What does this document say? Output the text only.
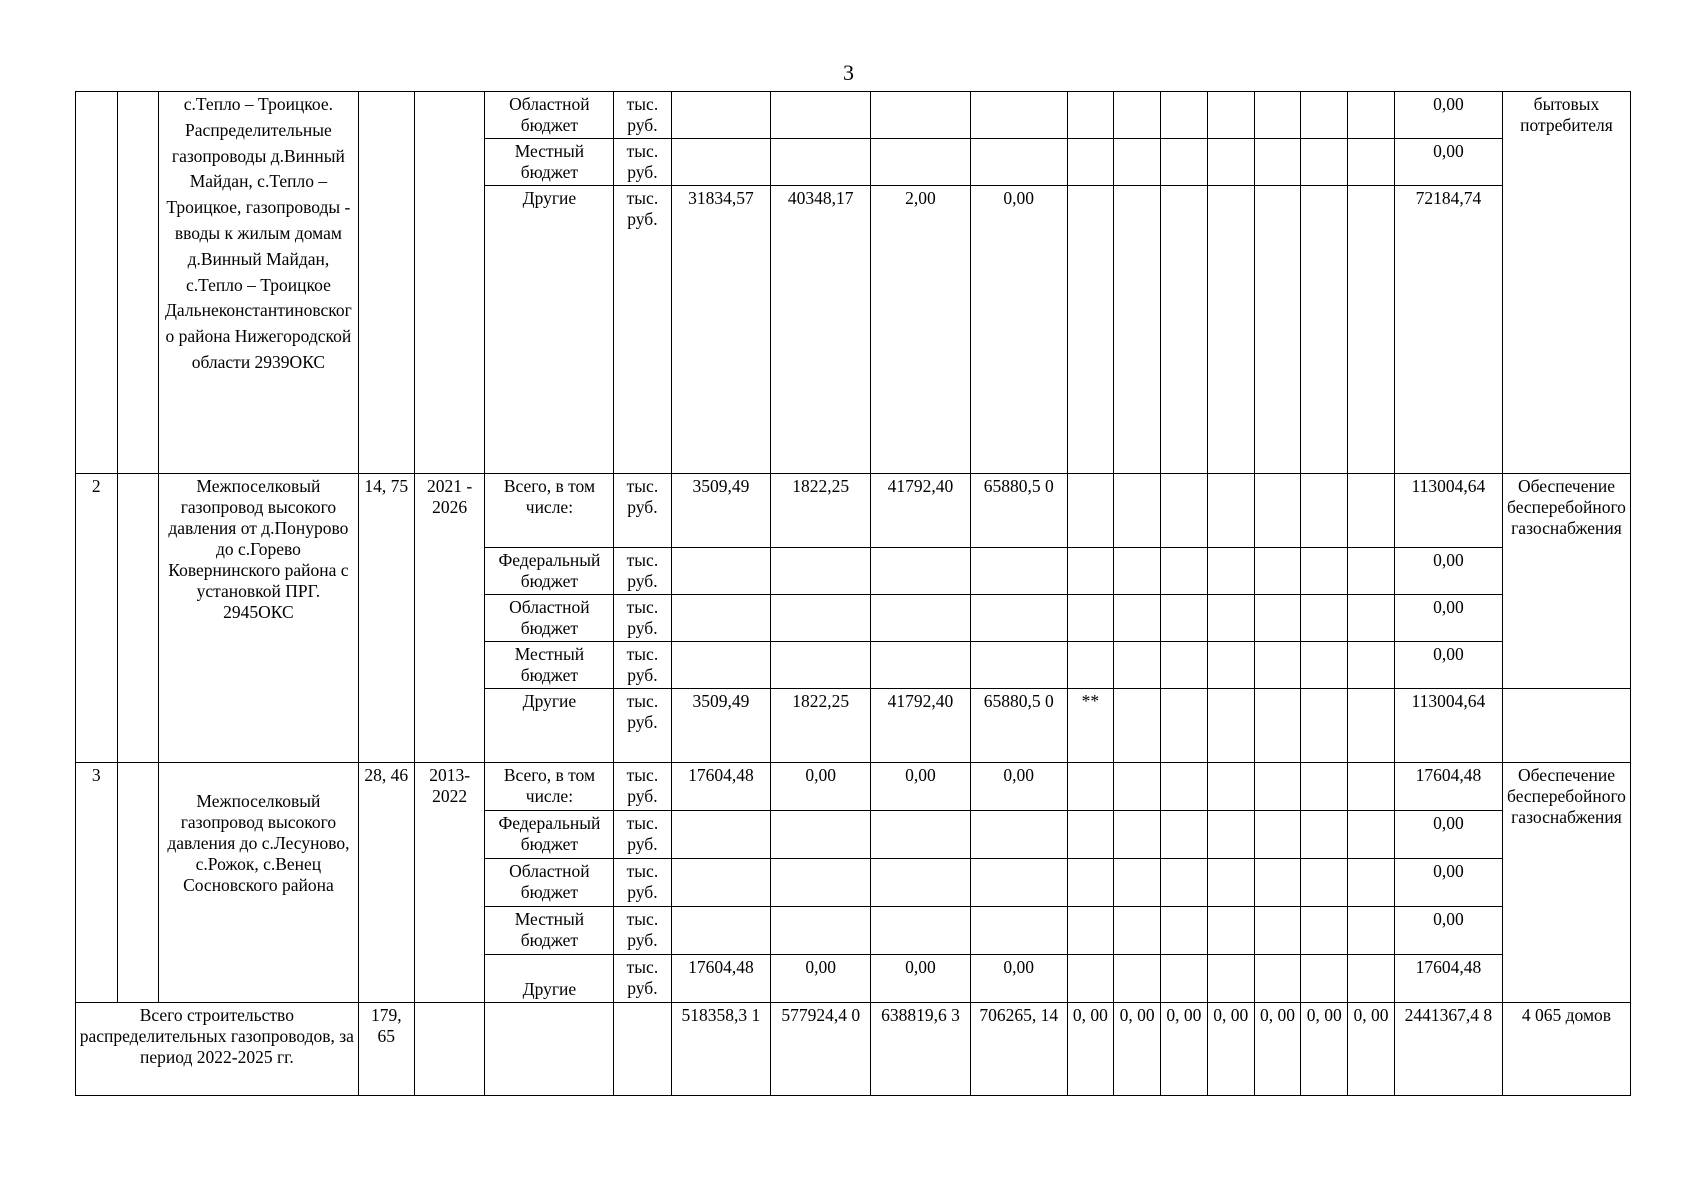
3
		с.Тепло – Троицкое. Распределительные газопроводы д.Винный Майдан, с.Тепло – Троицкое, газопроводы - вводы к жилым домам д.Винный Майдан, с.Тепло – Троицкое Дальнеконстантиновского района Нижегородской области 2939ОКС			Областной бюджет	тыс. руб.												0,00	бытовых потребителя
					Местный бюджет	тыс. руб.												0,00	
					Другие	тыс. руб.	31834,57	40348,17	2,00	0,00								72184,74	
2		Межпоселковый газопровод высокого давления от д.Понурово до с.Горево Ковернинского района с установкой ПРГ. 2945ОКС	14, 75	2021 - 2026	Всего, в том числе:	тыс. руб.	3509,49	1822,25	41792,40	65880,5 0								113004,64	Обеспечение бесперебойного газоснабжения
					Федеральный бюджет	тыс. руб.												0,00	
					Областной бюджет	тыс. руб.												0,00	
					Местный бюджет	тыс. руб.												0,00	
					Другие	тыс. руб.	3509,49	1822,25	41792,40	65880,5 0	**							113004,64	
3		Межпоселковый газопровод высокого давления до с.Лесуново, с.Рожок, с.Венец Сосновского района	28, 46	2013- 2022	Всего, в том числе:	тыс. руб.	17604,48	0,00	0,00	0,00								17604,48	Обеспечение бесперебойного газоснабжения
					Федеральный бюджет	тыс. руб.												0,00	
					Областной бюджет	тыс. руб.												0,00	
					Местный бюджет	тыс. руб.												0,00	
					Другие	тыс. руб.	17604,48	0,00	0,00	0,00								17604,48	
Всего строительство распределительных газопроводов, за период 2022-2025 гг.			179, 65				518358,3 1	577924,4 0	638819,6 3	706265, 14	0, 00	0, 00	0, 00	0, 00	0, 00	0, 00	0, 00	2441367,4 8	4 065 домов
